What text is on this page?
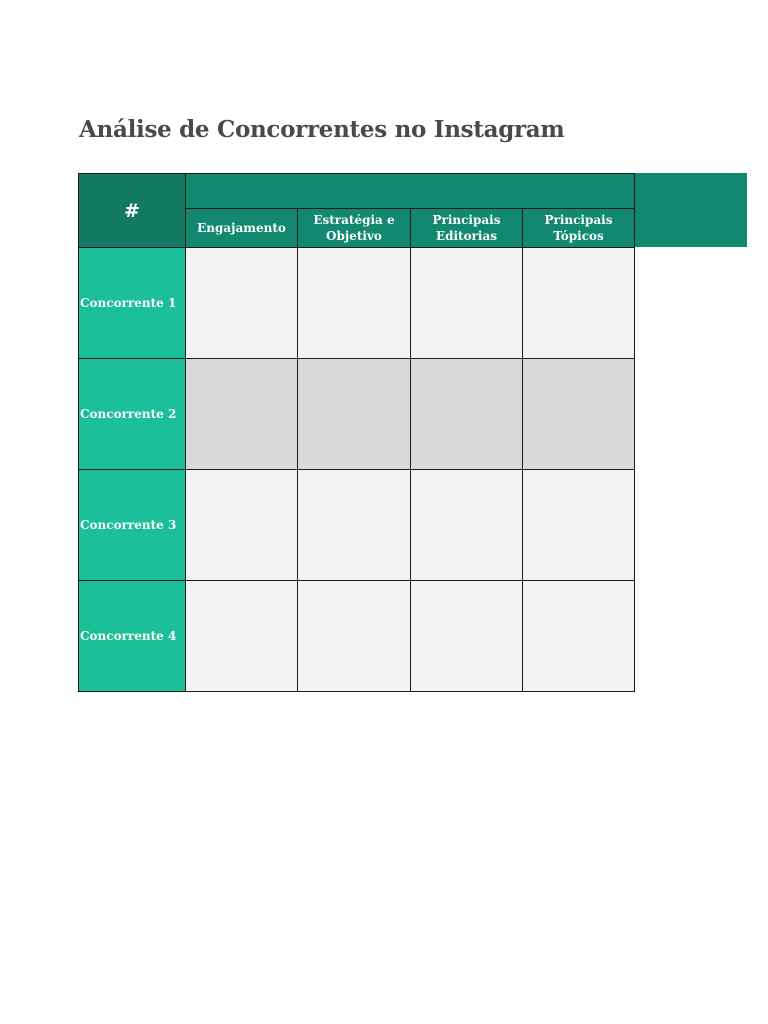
Análise de Concorrentes no Instagram
#
Engajamento
Estratégia e
Objetivo
Principais
Editorias
Principais
Tópicos
Concorrente 1
Concorrente 2
Concorrente 3
Concorrente 4
